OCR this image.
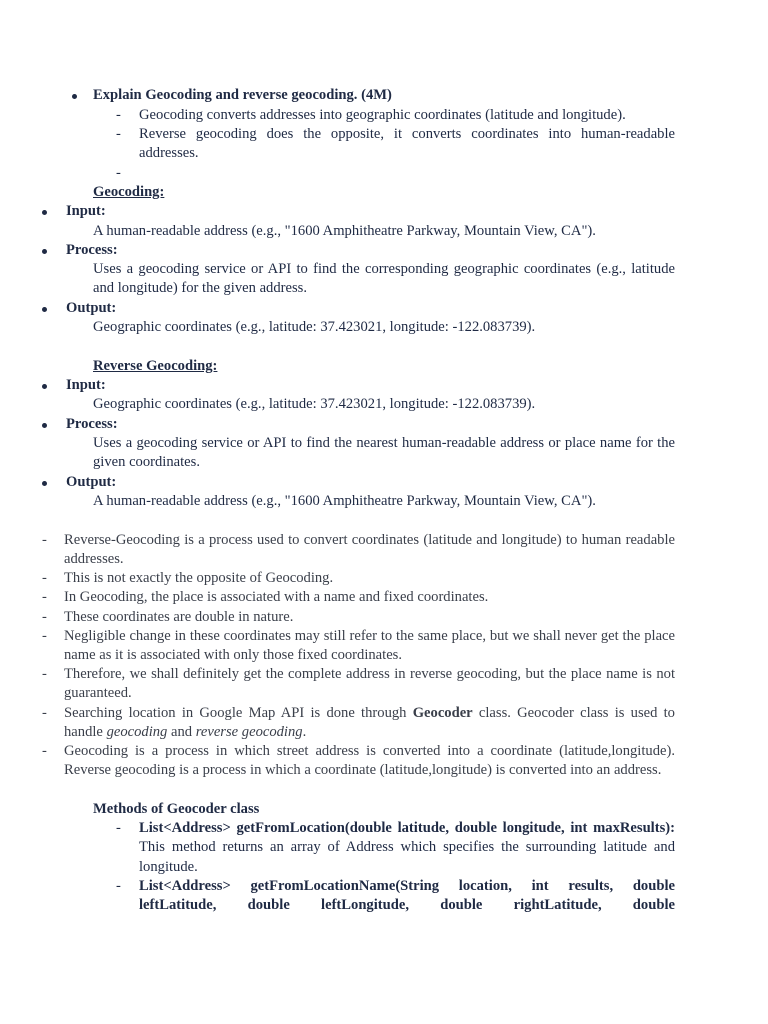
Explain Geocoding and reverse geocoding. (4M)
- Geocoding converts addresses into geographic coordinates (latitude and longitude).
- Reverse geocoding does the opposite, it converts coordinates into human-readable addresses.
-
Geocoding:
Input:
A human-readable address (e.g., "1600 Amphitheatre Parkway, Mountain View, CA").
Process:
Uses a geocoding service or API to find the corresponding geographic coordinates (e.g., latitude and longitude) for the given address.
Output:
Geographic coordinates (e.g., latitude: 37.423021, longitude: -122.083739).
Reverse Geocoding:
Input:
Geographic coordinates (e.g., latitude: 37.423021, longitude: -122.083739).
Process:
Uses a geocoding service or API to find the nearest human-readable address or place name for the given coordinates.
Output:
A human-readable address (e.g., "1600 Amphitheatre Parkway, Mountain View, CA").
- Reverse-Geocoding is a process used to convert coordinates (latitude and longitude) to human readable addresses.
- This is not exactly the opposite of Geocoding.
- In Geocoding, the place is associated with a name and fixed coordinates.
- These coordinates are double in nature.
- Negligible change in these coordinates may still refer to the same place, but we shall never get the place name as it is associated with only those fixed coordinates.
- Therefore, we shall definitely get the complete address in reverse geocoding, but the place name is not guaranteed.
- Searching location in Google Map API is done through Geocoder class. Geocoder class is used to handle geocoding and reverse geocoding.
- Geocoding is a process in which street address is converted into a coordinate (latitude,longitude). Reverse geocoding is a process in which a coordinate (latitude,longitude) is converted into an address.
Methods of Geocoder class
- List<Address> getFromLocation(double latitude, double longitude, int maxResults): This method returns an array of Address which specifies the surrounding latitude and longitude.
- List<Address> getFromLocationName(String location, int results, double leftLatitude, double leftLongitude, double rightLatitude, double
